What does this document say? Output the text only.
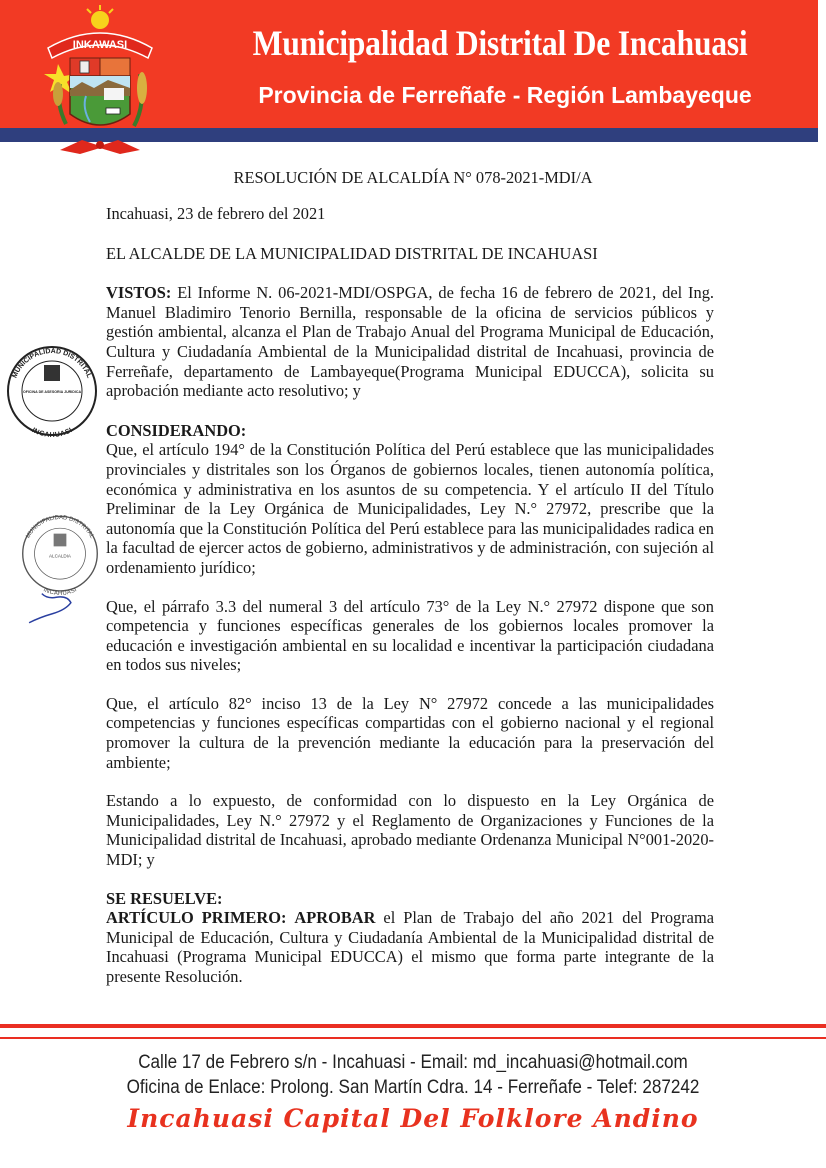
Municipalidad Distrital De Incahuasi
Provincia de Ferreñafe - Región Lambayeque
INKAWASI
RESOLUCIÓN DE ALCALDÍA N° 078-2021-MDI/A
Incahuasi, 23 de febrero del 2021
EL ALCALDE DE LA MUNICIPALIDAD DISTRITAL DE INCAHUASI
VISTOS: El Informe N. 06-2021-MDI/OSPGA, de fecha 16 de febrero de 2021, del Ing. Manuel Bladimiro Tenorio Bernilla, responsable de la oficina de servicios públicos y gestión ambiental, alcanza el Plan de Trabajo Anual del Programa Municipal de Educación, Cultura y Ciudadanía Ambiental de la Municipalidad distrital de Incahuasi, provincia de Ferreñafe, departamento de Lambayeque(Programa Municipal EDUCCA), solicita su aprobación mediante acto resolutivo; y
CONSIDERANDO:
Que, el artículo 194° de la Constitución Política del Perú establece que las municipalidades provinciales y distritales son los Órganos de gobiernos locales, tienen autonomía política, económica y administrativa en los asuntos de su competencia. Y el artículo II del Título Preliminar de la Ley Orgánica de Municipalidades, Ley N.° 27972, prescribe que la autonomía que la Constitución Política del Perú establece para las municipalidades radica en la facultad de ejercer actos de gobierno, administrativos y de administración, con sujeción al ordenamiento jurídico;
Que, el párrafo 3.3 del numeral 3 del artículo 73° de la Ley N.° 27972 dispone que son competencia y funciones específicas generales de los gobiernos locales promover la educación e investigación ambiental en su localidad e incentivar la participación ciudadana en todos sus niveles;
Que, el artículo 82° inciso 13 de la Ley N° 27972 concede a las municipalidades competencias y funciones específicas compartidas con el gobierno nacional y el regional promover la cultura de la prevención mediante la educación para la preservación del ambiente;
Estando a lo expuesto, de conformidad con lo dispuesto en la Ley Orgánica de Municipalidades, Ley N.° 27972 y el Reglamento de Organizaciones y Funciones de la Municipalidad distrital de Incahuasi, aprobado mediante Ordenanza Municipal N°001-2020-MDI; y
SE RESUELVE:
ARTÍCULO PRIMERO: APROBAR el Plan de Trabajo del año 2021 del Programa Municipal de Educación, Cultura y Ciudadanía Ambiental de la Municipalidad distrital de Incahuasi (Programa Municipal EDUCCA) el mismo que forma parte integrante de la presente Resolución.
MUNICIPALIDAD DISTRITAL
OFICINA DE ASESORIA JURIDICA
INCAHUASI
MUNICIPALIDAD DISTRITAL
ALCALDIA
INCAHUASI
Calle 17 de Febrero s/n - Incahuasi - Email: md_incahuasi@hotmail.com
Oficina de Enlace: Prolong. San Martín Cdra. 14 - Ferreñafe - Telef: 287242
Incahuasi Capital Del Folklore Andino
